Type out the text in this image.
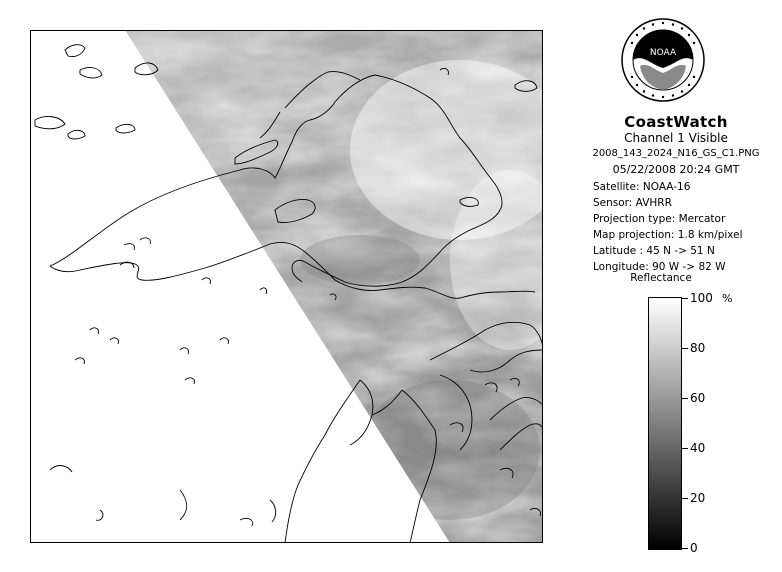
NOAA
CoastWatch
Channel 1 Visible
2008_143_2024_N16_GS_C1.PNG
05/22/2008 20:24 GMT
Satellite: NOAA-16
Sensor: AVHRR
Projection type: Mercator
Map projection: 1.8 km/pixel
Latitude : 45 N -> 51 N
Longitude: 90 W -> 82 W
Reflectance
%
100
80
60
40
20
0
